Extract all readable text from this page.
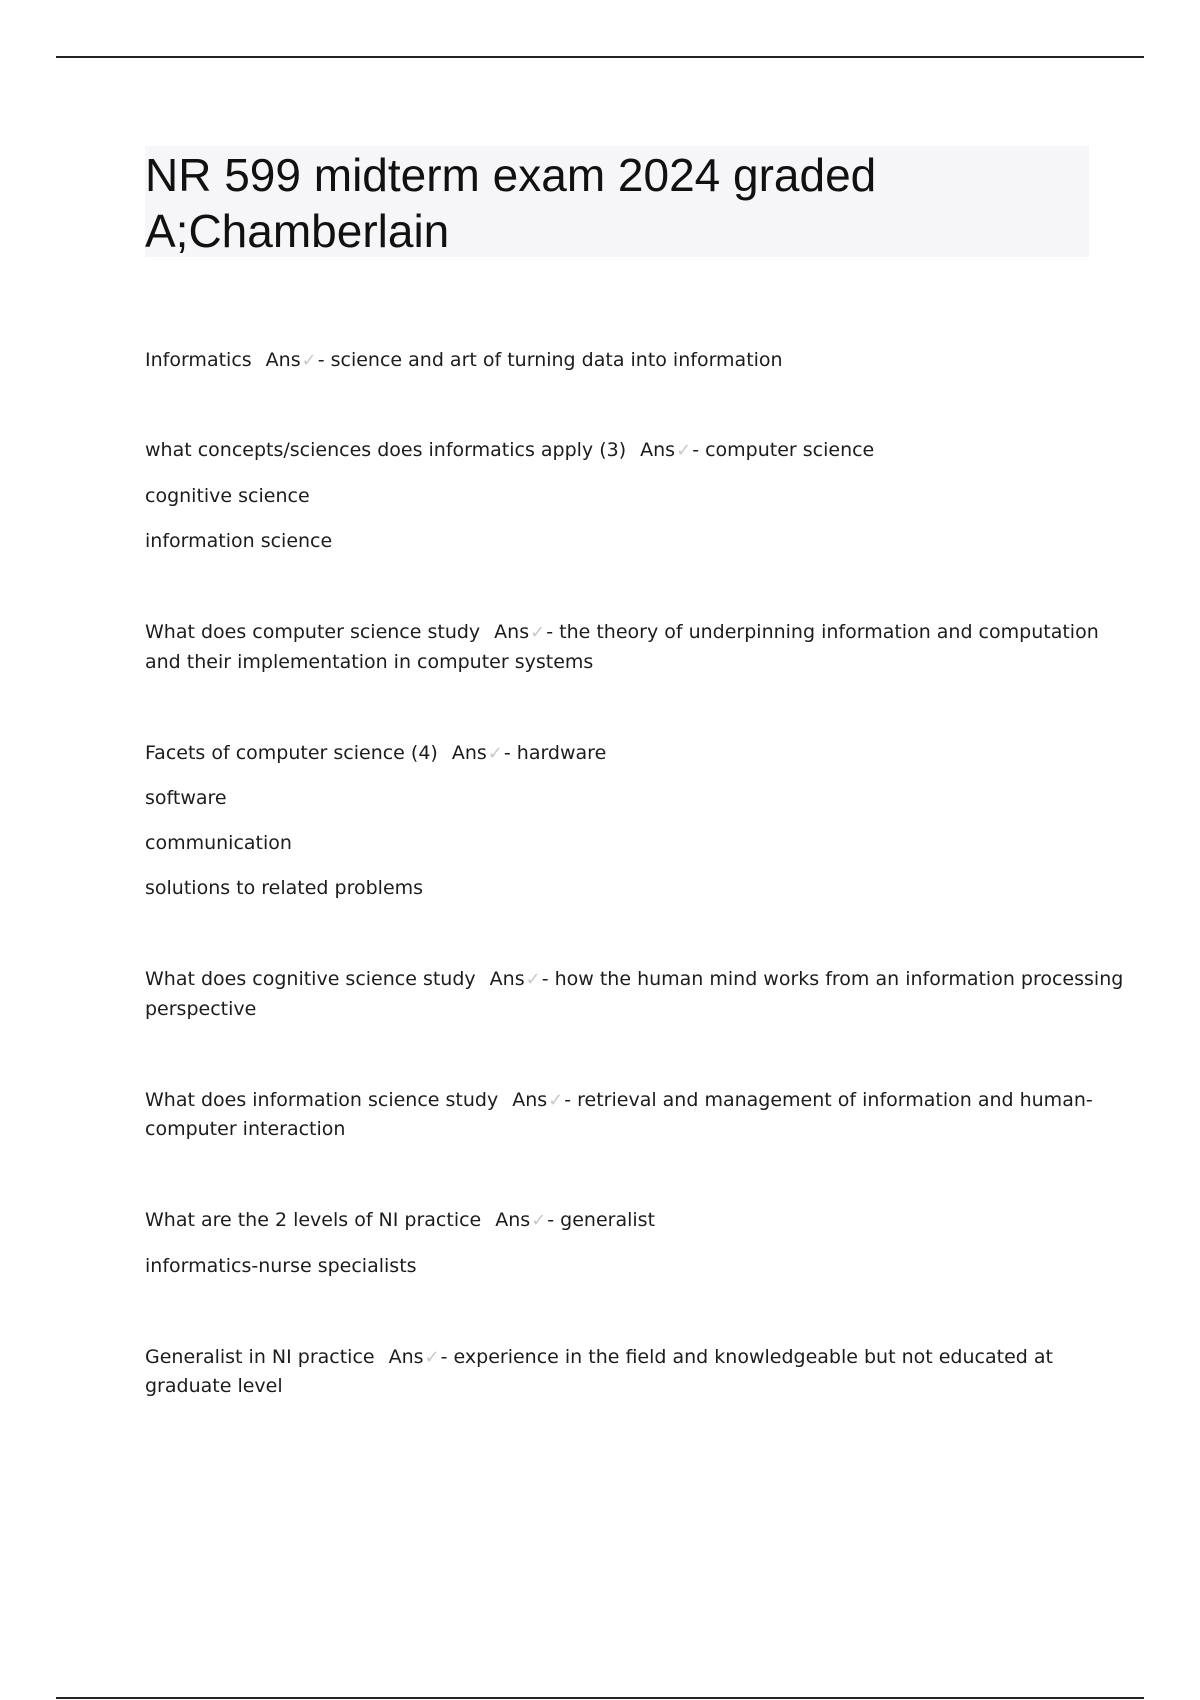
NR 599 midterm exam 2024 graded A;Chamberlain
Informatics Ans✓- science and art of turning data into information
what concepts/sciences does informatics apply (3) Ans✓- computer science
cognitive science
information science
What does computer science study Ans✓- the theory of underpinning information and computation
and their implementation in computer systems
Facets of computer science (4) Ans✓- hardware
software
communication
solutions to related problems
What does cognitive science study Ans✓- how the human mind works from an information processing
perspective
What does information science study Ans✓- retrieval and management of information and human-
computer interaction
What are the 2 levels of NI practice Ans✓- generalist
informatics-nurse specialists
Generalist in NI practice Ans✓- experience in the field and knowledgeable but not educated at
graduate level
